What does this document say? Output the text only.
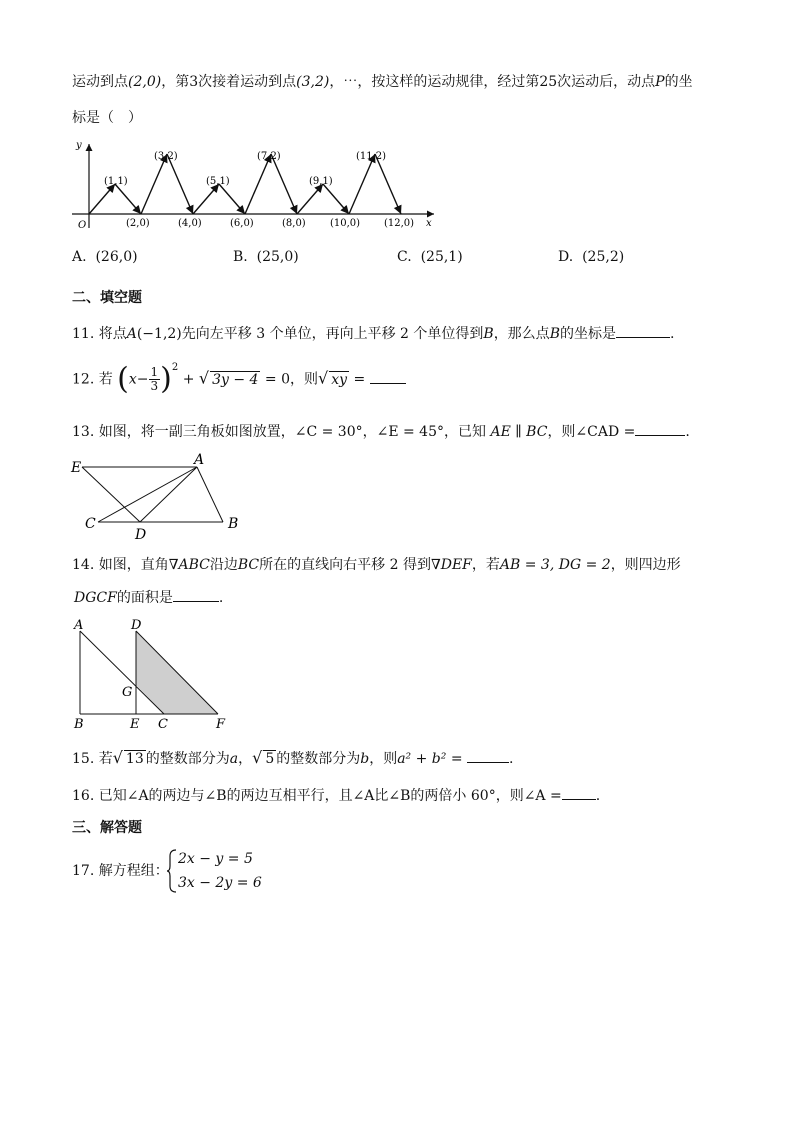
运动到点(2,0)，第3次接着运动到点(3,2)，⋯，按这样的运动规律，经过第25次运动后，动点P的坐
标是（　）
y
x
O
(1,1)
(2,0)
(3,2)
(4,0)
(5,1)
(6,0)
(7,2)
(8,0)
(9,1)
(10,0)
(11,2)
(12,0)
A. (26,0)	B. (25,0)	C. (25,1)	D. (25,2)
二、填空题
11. 将点A(−1,2)先向左平移 3 个单位，再向上平移 2 个单位得到B，那么点B的坐标是	.
12. 若 $(x- \frac{1}{3} )^2$ + √ 3y − 4 = 0，则√ xy =
13. 如图，将一副三角板如图放置，∠C = 30°，∠E = 45°，已知 AE ∥ BC，则∠CAD =	.
E	A
C
D
B
14. 如图，直角∇ABC沿边BC所在的直线向右平移 2 得到∇DEF，若AB = 3, DG = 2，则四边形
DGCF的面积是	.
A	D
G
B	E C	F
15. 若√ 13 的整数部分为a，√ 5 的整数部分为b，则a² + b² =	.
16. 已知∠A的两边与∠B的两边互相平行，且∠A比∠B的两倍小 60°，则∠A = .
三、解答题
17. 解方程组：
2x − y = 5
3x − 2y = 6
